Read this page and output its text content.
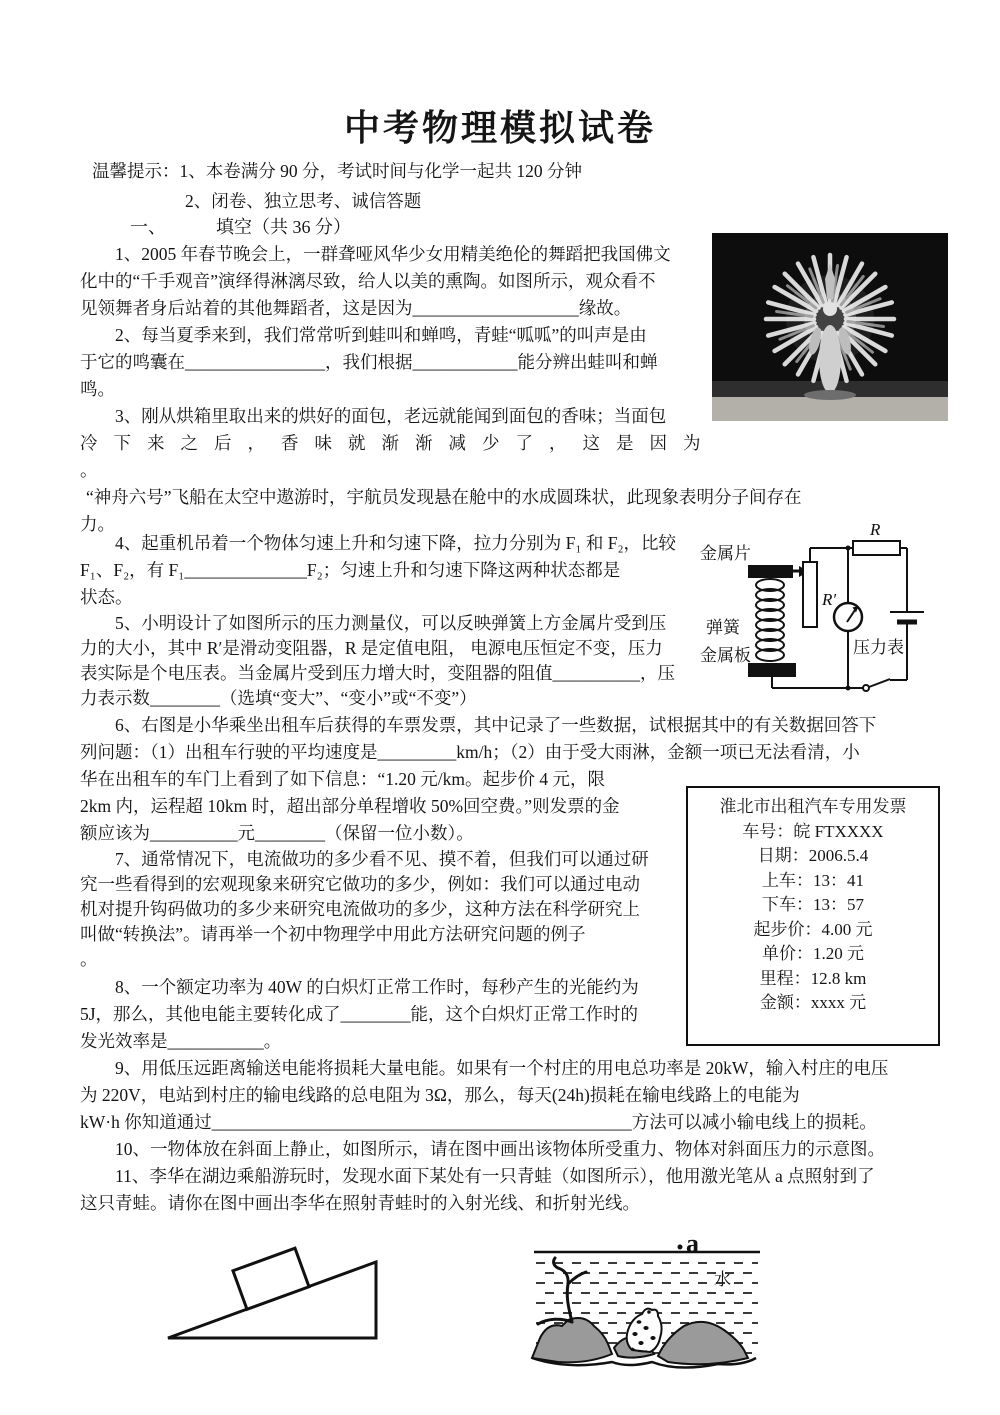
中考物理模拟试卷
温馨提示：1、本卷满分 90 分，考试时间与化学一起共 120 分钟
2、闭卷、独立思考、诚信答题
一、	填空（共 36 分）
1、2005 年春节晚会上，一群聋哑风华少女用精美绝伦的舞蹈把我国佛文
化中的“千手观音”演绎得淋漓尽致，给人以美的熏陶。如图所示，观众看不
见领舞者身后站着的其他舞蹈者，这是因为___________________缘故。
2、每当夏季来到，我们常常听到蛙叫和蝉鸣，青蛙“呱呱”的叫声是由
于它的鸣囊在________________，我们根据____________能分辨出蛙叫和蝉
鸣。
3、刚从烘箱里取出来的烘好的面包，老远就能闻到面包的香味；当面包
冷下来之后，香味就渐渐减少了，这是因为
。
“神舟六号”飞船在太空中遨游时，宇航员发现悬在舱中的水成圆珠状，此现象表明分子间存在
力。
4、起重机吊着一个物体匀速上升和匀速下降，拉力分别为 F₁ 和 F₂，比较
F₁、F₂，有 F₁______________F₂；匀速上升和匀速下降这两种状态都是
状态。
5、小明设计了如图所示的压力测量仪，可以反映弹簧上方金属片受到压
力的大小，其中 R′是滑动变阻器，R 是定值电阻， 电源电压恒定不变，压力
表实际是个电压表。当金属片受到压力增大时，变阻器的阻值__________，压
力表示数________（选填“变大”、“变小”或“不变”）
6、右图是小华乘坐出租车后获得的车票发票，其中记录了一些数据，试根据其中的有关数据回答下
列问题：（1）出租车行驶的平均速度是_________km/h；（2）由于受大雨淋，金额一项已无法看清，小
华在出租车的车门上看到了如下信息：“1.20 元/km。起步价 4 元，限
2km 内，运程超 10km 时，超出部分单程增收 50%回空费。”则发票的金
额应该为__________元________（保留一位小数）。
7、通常情况下，电流做功的多少看不见、摸不着，但我们可以通过研
究一些看得到的宏观现象来研究它做功的多少，例如：我们可以通过电动
机对提升钩码做功的多少来研究电流做功的多少，这种方法在科学研究上
叫做“转换法”。请再举一个初中物理学中用此方法研究问题的例子
。
8、一个额定功率为 40W 的白炽灯正常工作时，每秒产生的光能约为
5J，那么，其他电能主要转化成了________能，这个白炽灯正常工作时的
发光效率是___________。
9、用低压远距离输送电能将损耗大量电能。如果有一个村庄的用电总功率是 20kW，输入村庄的电压
为 220V，电站到村庄的输电线路的总电阻为 3Ω，那么，每天(24h)损耗在输电线路上的电能为
kW·h 你知道通过________________________________________________方法可以减小输电线上的损耗。
10、一物体放在斜面上静止，如图所示，请在图中画出该物体所受重力、物体对斜面压力的示意图。
11、李华在湖边乘船游玩时，发现水面下某处有一只青蛙（如图所示），他用激光笔从 a 点照射到了
这只青蛙。请你在图中画出李华在照射青蛙时的入射光线、和折射光线。
金属片
弹簧
金属板
R′
R
压力表
淮北市出租汽车专用发票
车号：皖 FTXXXX
日期：2006.5.4
上车：13：41
下车：13：57
起步价：4.00 元
单价：1.20 元
里程：12.8 km
金额：xxxx 元
a
水
